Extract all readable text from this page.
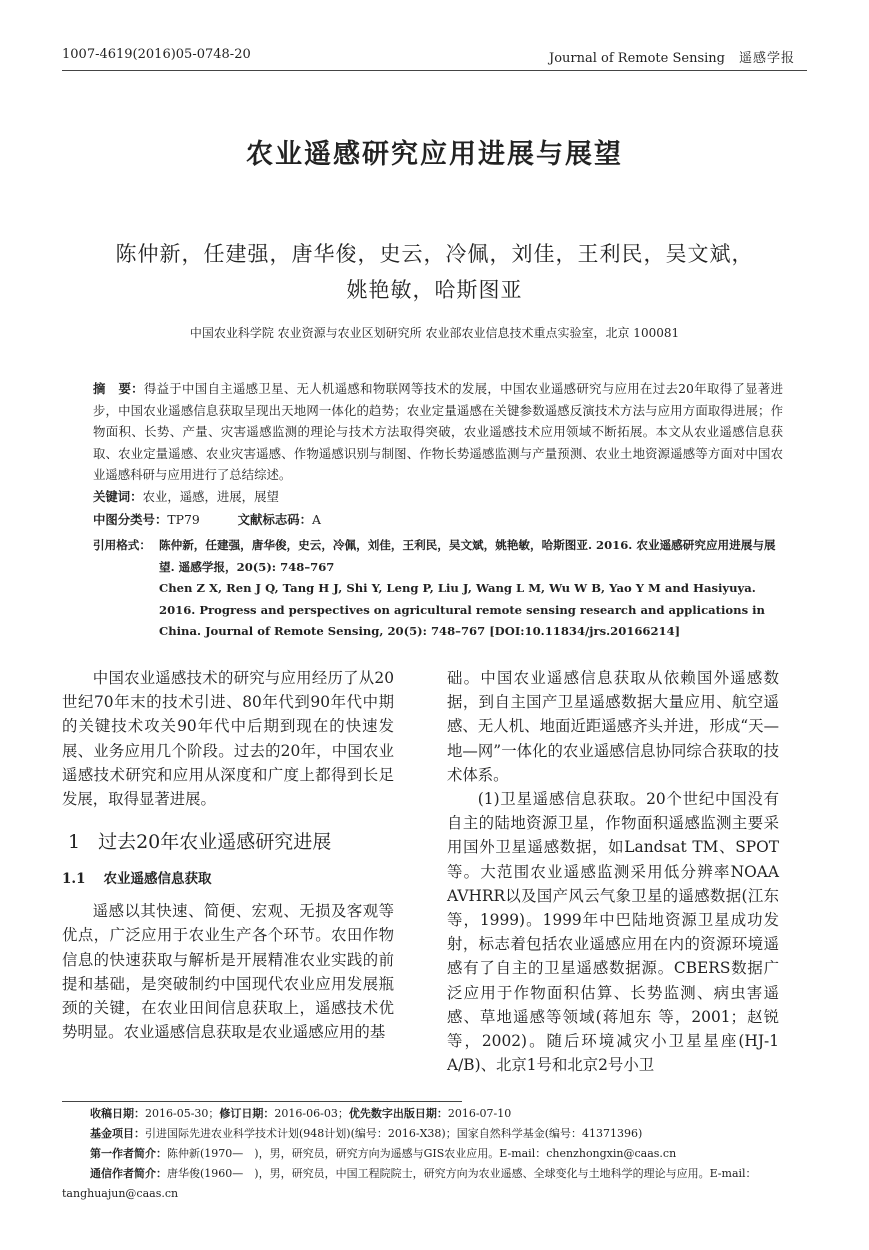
1007-4619(2016)05-0748-20	Journal of Remote Sensing 遥感学报
农业遥感研究应用进展与展望
陈仲新，任建强，唐华俊，史云，冷佩，刘佳，王利民，吴文斌，
姚艳敏，哈斯图亚
中国农业科学院 农业资源与农业区划研究所 农业部农业信息技术重点实验室，北京 100081
摘　要：得益于中国自主遥感卫星、无人机遥感和物联网等技术的发展，中国农业遥感研究与应用在过去20年取得了显著进步，中国农业遥感信息获取呈现出天地网一体化的趋势；农业定量遥感在关键参数遥感反演技术方法与应用方面取得进展；作物面积、长势、产量、灾害遥感监测的理论与技术方法取得突破，农业遥感技术应用领域不断拓展。本文从农业遥感信息获取、农业定量遥感、农业灾害遥感、作物遥感识别与制图、作物长势遥感监测与产量预测、农业土地资源遥感等方面对中国农业遥感科研与应用进行了总结综述。
关键词：农业，遥感，进展，展望
中图分类号：TP79	文献标志码：A
引用格式： 陈仲新，任建强，唐华俊，史云，冷佩，刘佳，王利民，吴文斌，姚艳敏，哈斯图亚. 2016. 农业遥感研究应用进展与展望. 遥感学报，20(5): 748–767
Chen Z X, Ren J Q, Tang H J, Shi Y, Leng P, Liu J, Wang L M, Wu W B, Yao Y M and Hasiyuya. 2016. Progress and perspectives on agricultural remote sensing research and applications in China. Journal of Remote Sensing, 20(5): 748–767 [DOI:10.11834/jrs.20166214]

中国农业遥感技术的研究与应用经历了从20世纪70年末的技术引进、80年代到90年代中期的关键技术攻关90年代中后期到现在的快速发展、业务应用几个阶段。过去的20年，中国农业遥感技术研究和应用从深度和广度上都得到长足发展，取得显著进展。

1 过去20年农业遥感研究进展
1.1 农业遥感信息获取

遥感以其快速、简便、宏观、无损及客观等优点，广泛应用于农业生产各个环节。农田作物信息的快速获取与解析是开展精准农业实践的前提和基础，是突破制约中国现代农业应用发展瓶颈的关键，在农业田间信息获取上，遥感技术优势明显。农业遥感信息获取是农业遥感应用的基

础。中国农业遥感信息获取从依赖国外遥感数据，到自主国产卫星遥感数据大量应用、航空遥感、无人机、地面近距遥感齐头并进，形成“天—地—网”一体化的农业遥感信息协同综合获取的技术体系。

(1)卫星遥感信息获取。20个世纪中国没有自主的陆地资源卫星，作物面积遥感监测主要采用国外卫星遥感数据，如Landsat TM、SPOT等。大范围农业遥感监测采用低分辨率NOAA AVHRR以及国产风云气象卫星的遥感数据(江东 等，1999)。1999年中巴陆地资源卫星成功发射，标志着包括农业遥感应用在内的资源环境遥感有了自主的卫星遥感数据源。CBERS数据广泛应用于作物面积估算、长势监测、病虫害遥感、草地遥感等领域(蒋旭东 等，2001；赵锐 等，2002)。随后环境减灾小卫星星座(HJ-1 A/B)、北京1号和北京2号小卫

收稿日期：2016-05-30；修订日期：2016-06-03；优先数字出版日期：2016-07-10
基金项目：引进国际先进农业科学技术计划(948计划)(编号：2016-X38)；国家自然科学基金(编号：41371396)
第一作者简介：陈仲新(1970—　)，男，研究员，研究方向为遥感与GIS农业应用。E-mail：chenzhongxin@caas.cn
通信作者简介：唐华俊(1960—　)，男，研究员，中国工程院院士，研究方向为农业遥感、全球变化与土地科学的理论与应用。E-mail：
tanghuajun@caas.cn
